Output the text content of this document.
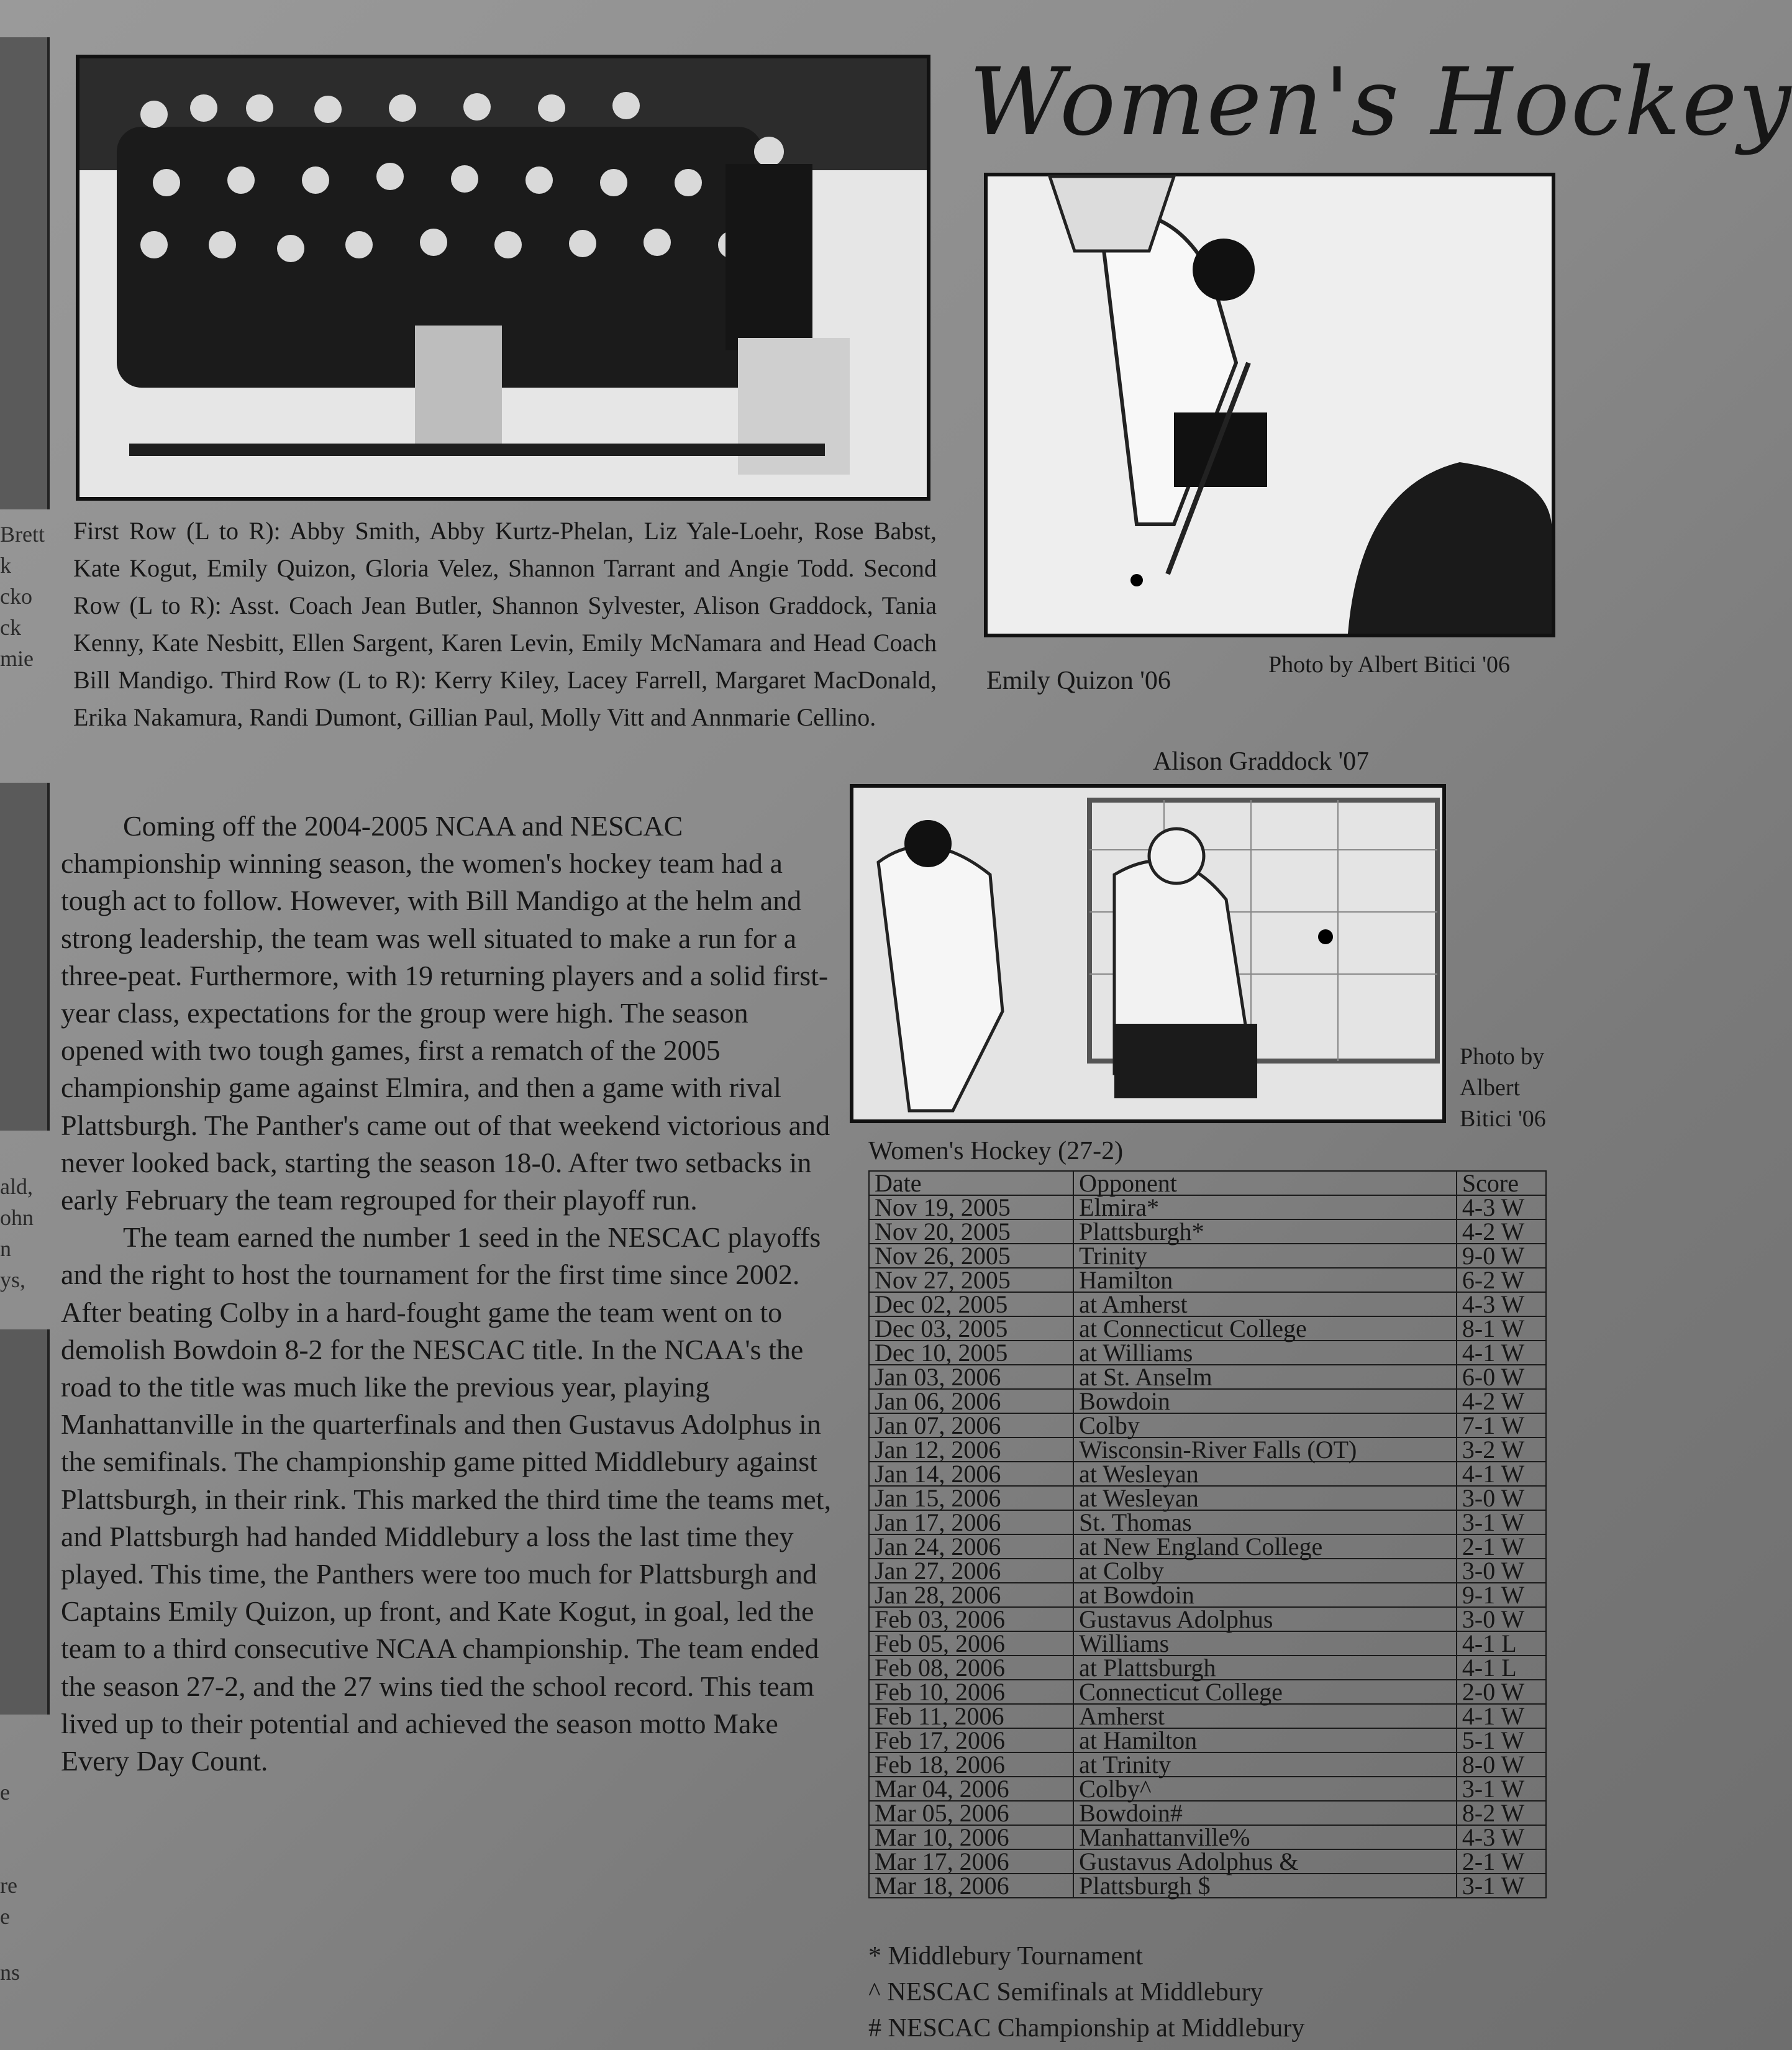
Brett
k
cko
ck
mie
ald,
ohn
n
ys,
e
re
e
ns
Women's Hockey
First Row (L to R): Abby Smith, Abby Kurtz-Phelan, Liz Yale-Loehr, Rose Babst, Kate Kogut, Emily Quizon, Gloria Velez, Shannon Tarrant and Angie Todd. Second Row (L to R): Asst. Coach Jean Butler, Shannon Sylvester, Alison Graddock, Tania Kenny, Kate Nesbitt, Ellen Sargent, Karen Levin, Emily McNamara and Head Coach Bill Mandigo. Third Row (L to R): Kerry Kiley, Lacey Farrell, Margaret MacDonald, Erika Nakamura, Randi Dumont, Gillian Paul, Molly Vitt and Annmarie Cellino.
Photo by Albert Bitici '06
Emily Quizon '06
Alison Graddock '07
Photo by
Albert
Bitici '06

Coming off the 2004-2005 NCAA and NESCAC championship winning season, the women's hockey team had a tough act to follow. However, with Bill Mandigo at the helm and strong leadership, the team was well situated to make a run for a three-peat. Furthermore, with 19 returning players and a solid first-year class, expectations for the group were high. The season opened with two tough games, first a rematch of the 2005 championship game against Elmira, and then a game with rival Plattsburgh. The Panther's came out of that weekend victorious and never looked back, starting the season 18-0. After two setbacks in early February the team regrouped for their playoff run.

The team earned the number 1 seed in the NESCAC playoffs and the right to host the tournament for the first time since 2002. After beating Colby in a hard-fought game the team went on to demolish Bowdoin 8-2 for the NESCAC title. In the NCAA's the road to the title was much like the previous year, playing Manhattanville in the quarterfinals and then Gustavus Adolphus in the semifinals. The championship game pitted Middlebury against Plattsburgh, in their rink. This marked the third time the teams met, and Plattsburgh had handed Middlebury a loss the last time they played. This time, the Panthers were too much for Plattsburgh and Captains Emily Quizon, up front, and Kate Kogut, in goal, led the team to a third consecutive NCAA championship. The team ended the season 27-2, and the 27 wins tied the school record. This team lived up to their potential and achieved the season motto Make Every Day Count.

Women's Hockey (27-2)
Date	Opponent	Score
Nov 19, 2005	Elmira*	4-3 W
Nov 20, 2005	Plattsburgh*	4-2 W
Nov 26, 2005	Trinity	9-0 W
Nov 27, 2005	Hamilton	6-2 W
Dec 02, 2005	at Amherst	4-3 W
Dec 03, 2005	at Connecticut College	8-1 W
Dec 10, 2005	at Williams	4-1 W
Jan 03, 2006	at St. Anselm	6-0 W
Jan 06, 2006	Bowdoin	4-2 W
Jan 07, 2006	Colby	7-1 W
Jan 12, 2006	Wisconsin-River Falls (OT)	3-2 W
Jan 14, 2006	at Wesleyan	4-1 W
Jan 15, 2006	at Wesleyan	3-0 W
Jan 17, 2006	St. Thomas	3-1 W
Jan 24, 2006	at New England College	2-1 W
Jan 27, 2006	at Colby	3-0 W
Jan 28, 2006	at Bowdoin	9-1 W
Feb 03, 2006	Gustavus Adolphus	3-0 W
Feb 05, 2006	Williams	4-1 L
Feb 08, 2006	at Plattsburgh	4-1 L
Feb 10, 2006	Connecticut College	2-0 W
Feb 11, 2006	Amherst	4-1 W
Feb 17, 2006	at Hamilton	5-1 W
Feb 18, 2006	at Trinity	8-0 W
Mar 04, 2006	Colby^	3-1 W
Mar 05, 2006	Bowdoin#	8-2 W
Mar 10, 2006	Manhattanville%	4-3 W
Mar 17, 2006	Gustavus Adolphus &	2-1 W
Mar 18, 2006	Plattsburgh $	3-1 W
* Middlebury Tournament
^ NESCAC Semifinals at Middlebury
# NESCAC Championship at Middlebury
